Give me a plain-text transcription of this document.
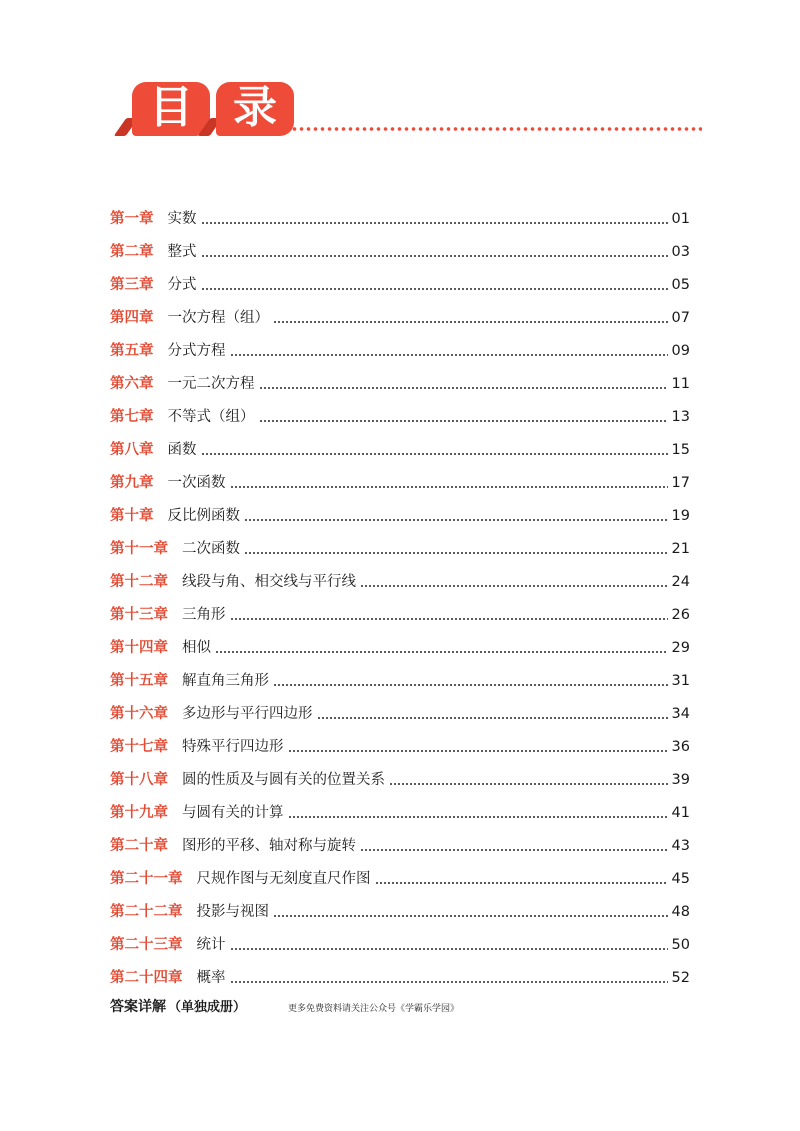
目 录
第一章 实数	01
第二章 整式	03
第三章 分式	05
第四章 一次方程（组）	07
第五章 分式方程	09
第六章 一元二次方程	11
第七章 不等式（组）	13
第八章 函数	15
第九章 一次函数	17
第十章 反比例函数	19
第十一章 二次函数	21
第十二章 线段与角、相交线与平行线	24
第十三章 三角形	26
第十四章 相似	29
第十五章 解直角三角形	31
第十六章 多边形与平行四边形	34
第十七章 特殊平行四边形	36
第十八章 圆的性质及与圆有关的位置关系	39
第十九章 与圆有关的计算	41
第二十章 图形的平移、轴对称与旋转	43
第二十一章 尺规作图与无刻度直尺作图	45
第二十二章 投影与视图	48
第二十三章 统计	50
第二十四章 概率	52
答案详解 （单独成册）	更多免费资料请关注公众号《学霸乐学园》
